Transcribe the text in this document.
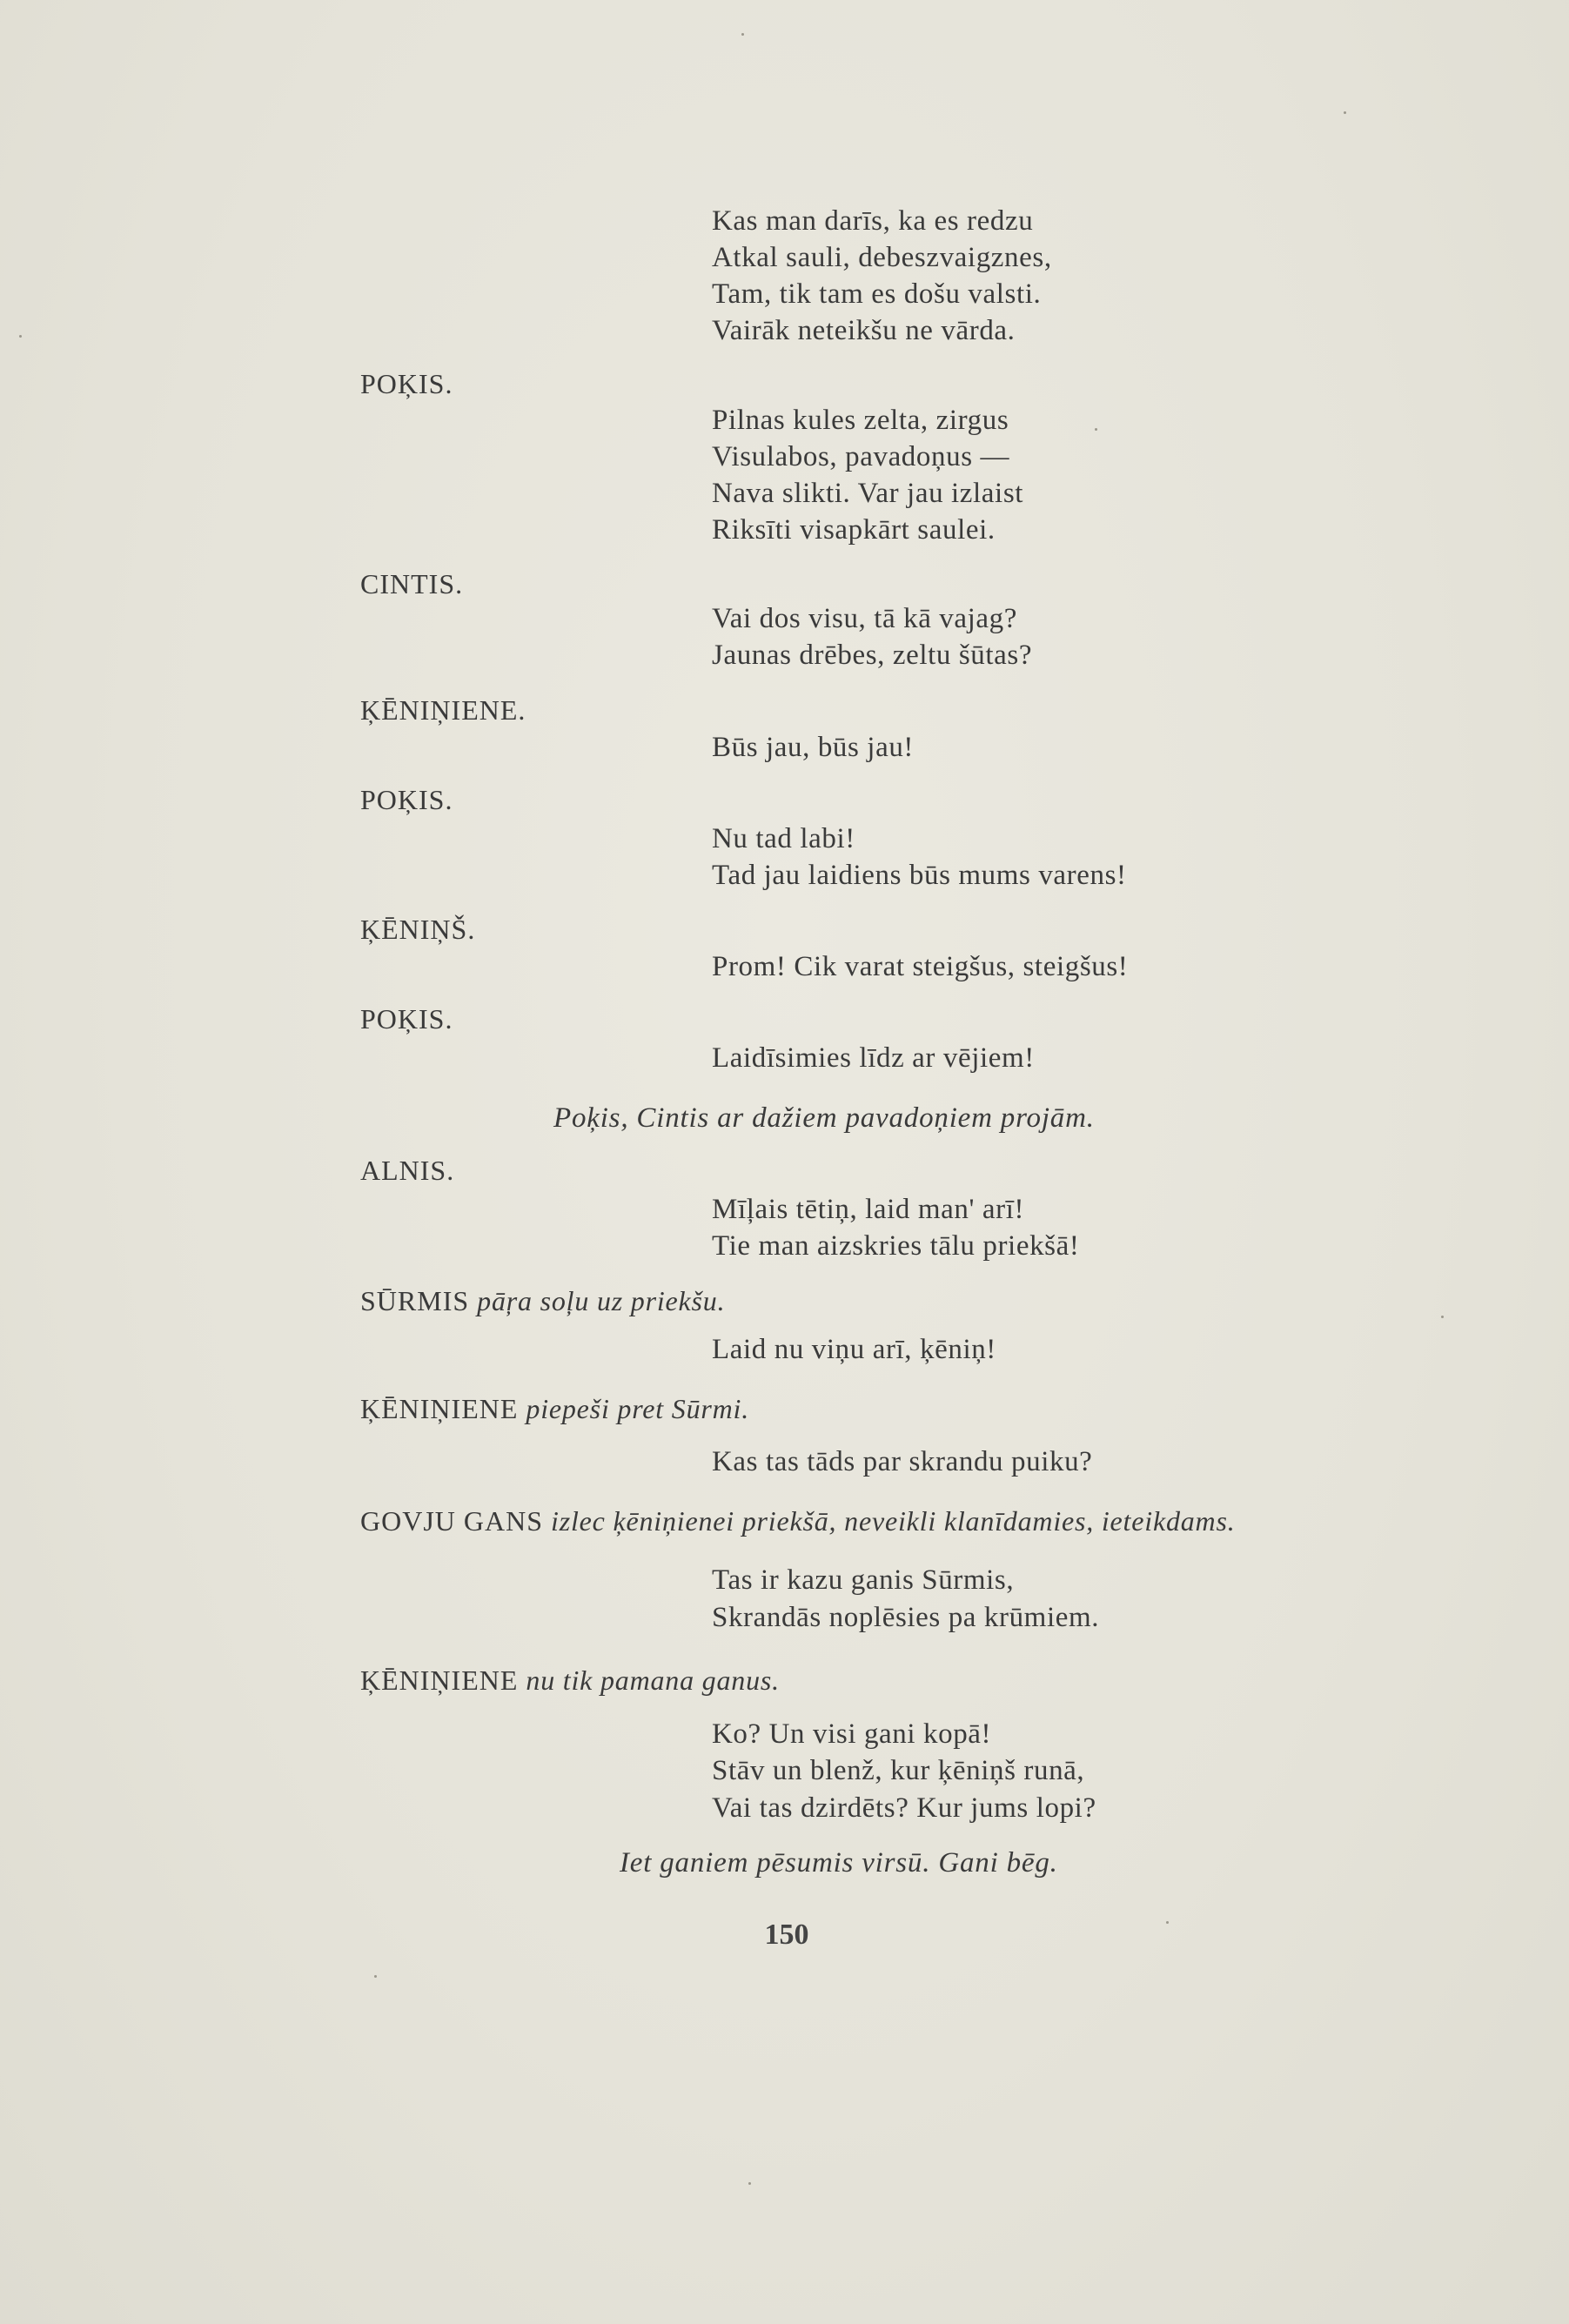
Kas man darīs, ka es redzu
Atkal sauli, debeszvaigznes,
Tam, tik tam es došu valsti.
Vairāk neteikšu ne vārda.
POĶIS.
Pilnas kules zelta, zirgus
Visulabos, pavadoņus —
Nava slikti. Var jau izlaist
Riksīti visapkārt saulei.
CINTIS.
Vai dos visu, tā kā vajag?
Jaunas drēbes, zeltu šūtas?
ĶĒNIŅIENE.
Būs jau, būs jau!
POĶIS.
Nu tad labi!
Tad jau laidiens būs mums varens!
ĶĒNIŅŠ.
Prom! Cik varat steigšus, steigšus!
POĶIS.
Laidīsimies līdz ar vējiem!
Poķis, Cintis ar dažiem pavadoņiem projām.
ALNIS.
Mīļais tētiņ, laid man' arī!
Tie man aizskries tālu priekšā!
SŪRMIS pāŗa soļu uz priekšu.
Laid nu viņu arī, ķēniņ!
ĶĒNIŅIENE piepeši pret Sūrmi.
Kas tas tāds par skrandu puiku?
GOVJU GANS izlec ķēniņienei priekšā, neveikli klanīdamies, ieteikdams.
Tas ir kazu ganis Sūrmis,
Skrandās noplēsies pa krūmiem.
ĶĒNIŅIENE nu tik pamana ganus.
Ko? Un visi gani kopā!
Stāv un blenž, kur ķēniņš runā,
Vai tas dzirdēts? Kur jums lopi?
Iet ganiem pēsumis virsū. Gani bēg.
150
